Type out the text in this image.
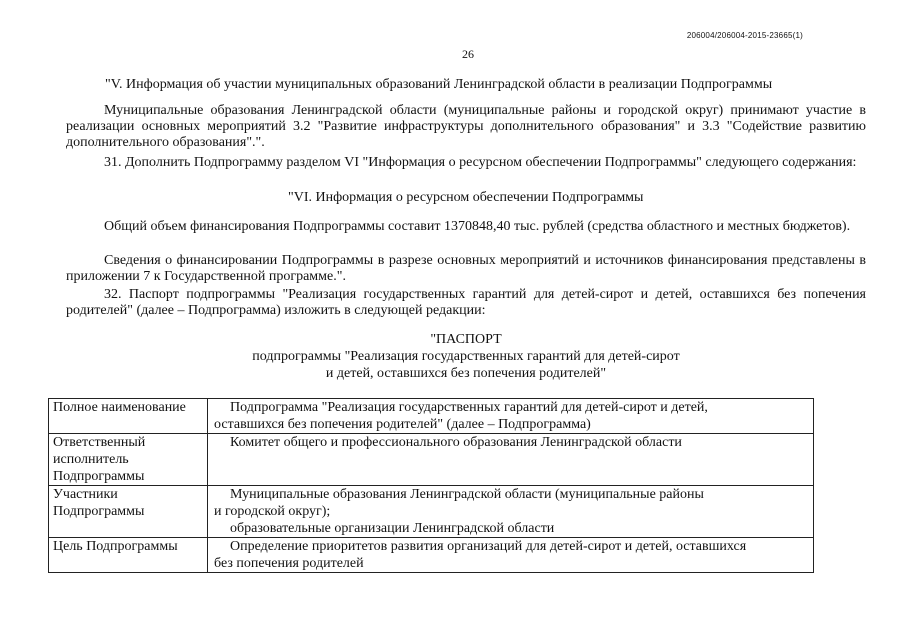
206004/206004-2015-23665(1)
26
"V. Информация об участии муниципальных образований Ленинградской области в реализации Подпрограммы
Муниципальные образования Ленинградской области (муниципальные районы и городской округ) принимают участие в реализации основных мероприятий 3.2 "Развитие инфраструктуры дополнительного образования" и 3.3 "Содействие развитию дополнительного образования".".
31. Дополнить Подпрограмму разделом VI "Информация о ресурсном обеспечении Подпрограммы" следующего содержания:
"VI. Информация о ресурсном обеспечении Подпрограммы
Общий объем финансирования Подпрограммы составит 1370848,40 тыс. рублей (средства областного и местных бюджетов).
Сведения о финансировании Подпрограммы в разрезе основных мероприятий и источников финансирования представлены в приложении 7 к Государственной программе.".
32. Паспорт подпрограммы "Реализация государственных гарантий для детей-сирот и детей, оставшихся без попечения родителей" (далее – Подпрограмма) изложить в следующей редакции:
"ПАСПОРТ
подпрограммы "Реализация государственных гарантий для детей-сирот
и детей, оставшихся без попечения родителей"
Полное наименование	Подпрограмма "Реализация государственных гарантий для детей-сирот и детей,
оставшихся без попечения родителей" (далее – Подпрограмма)

Ответственный
исполнитель
Подпрограммы	Комитет общего и профессионального образования Ленинградской области

Участники
Подпрограммы	Муниципальные образования Ленинградской области (муниципальные районы
и городской округ);
образовательные организации Ленинградской области

Цель Подпрограммы	Определение приоритетов развития организаций для детей-сирот и детей, оставшихся
без попечения родителей
